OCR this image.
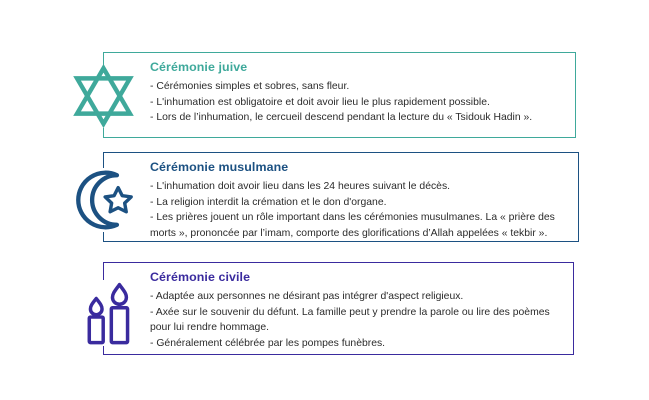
Cérémonie juive
- Cérémonies simples et sobres, sans fleur.
- L'inhumation est obligatoire et doit avoir lieu le plus rapidement possible.
- Lors de l’inhumation, le cercueil descend pendant la lecture du « Tsidouk Hadin ».
Cérémonie musulmane
- L'inhumation doit avoir lieu dans les 24 heures suivant le décès.
- La religion interdit la crémation et le don d'organe.
- Les prières jouent un rôle important dans les cérémonies musulmanes. La « prière des morts », prononcée par l’imam, comporte des glorifications d’Allah appelées « tekbir ».
Cérémonie civile
- Adaptée aux personnes ne désirant pas intégrer d'aspect religieux.
- Axée sur le souvenir du défunt. La famille peut y prendre la parole ou lire des poèmes pour lui rendre hommage.
- Généralement célébrée par les pompes funèbres.
